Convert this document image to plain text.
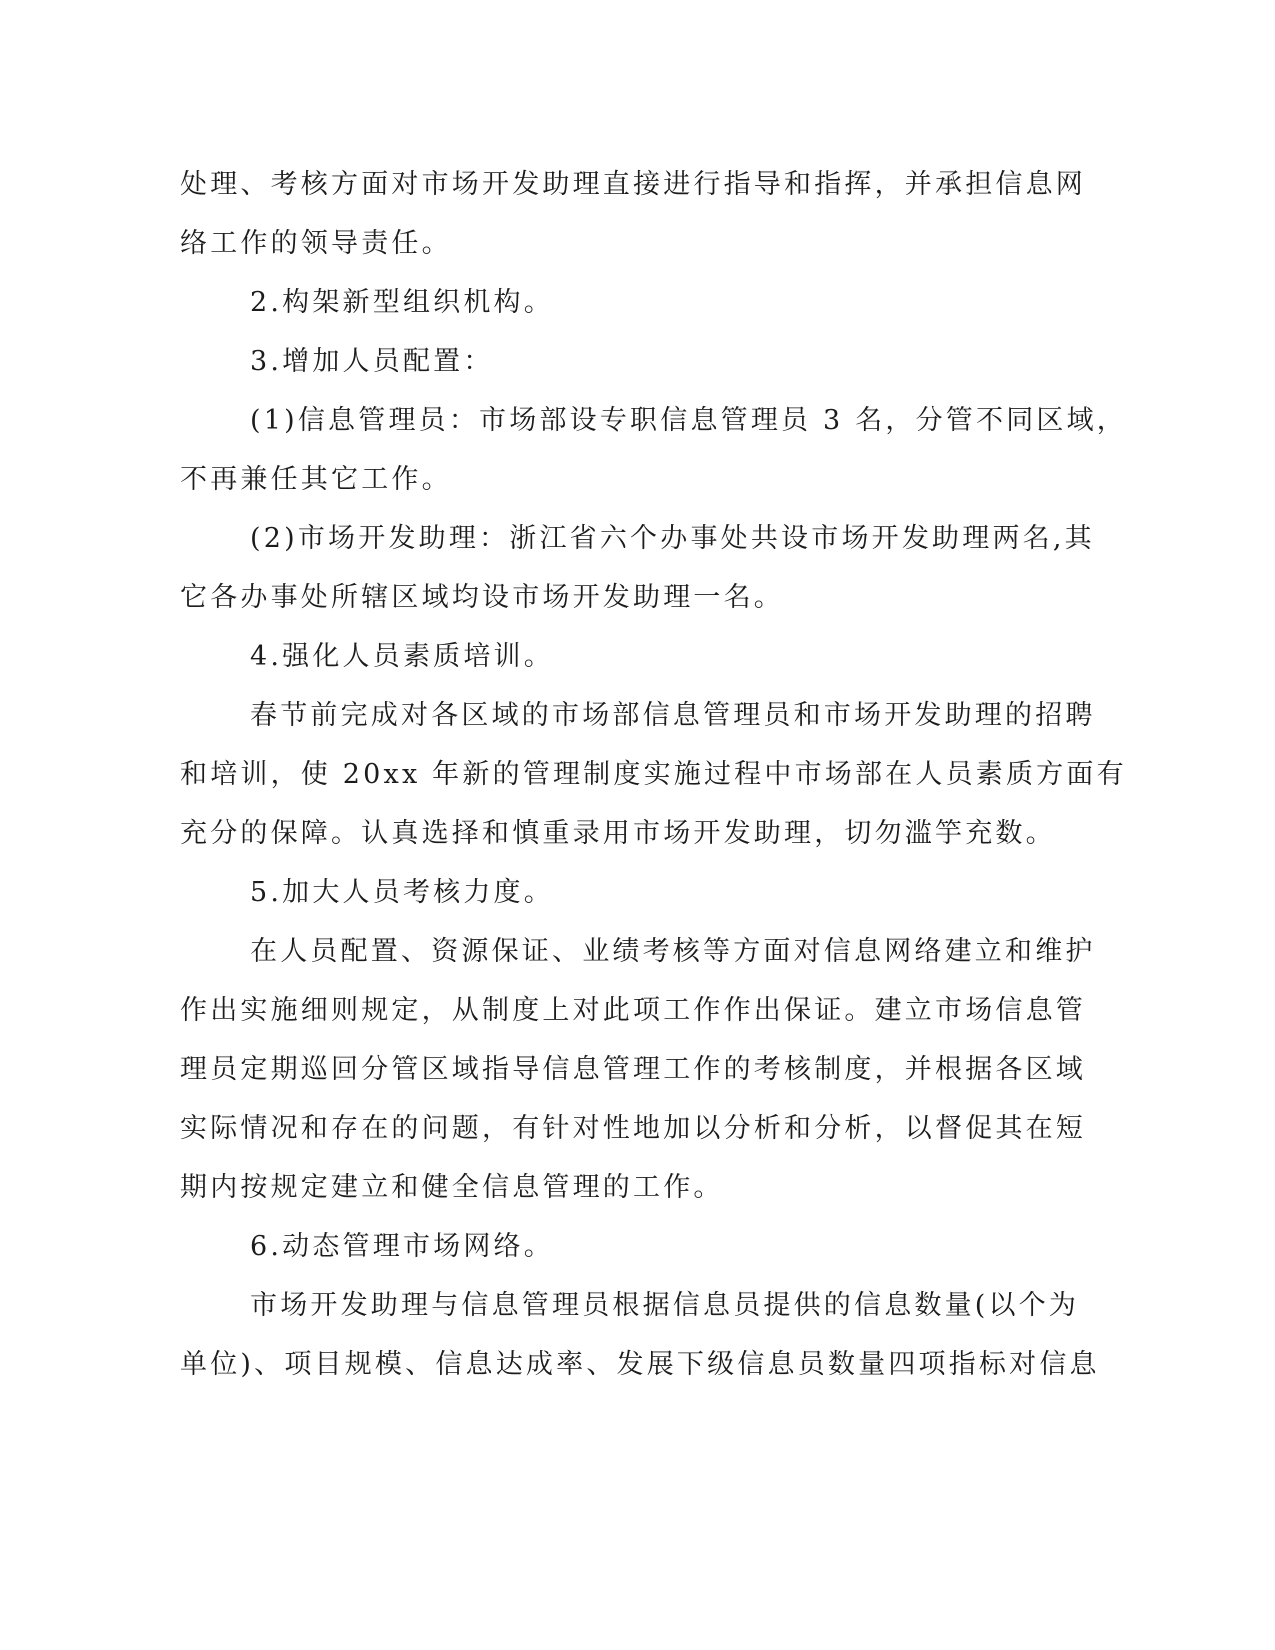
处理、考核方面对市场开发助理直接进行指导和指挥，并承担信息网

络工作的领导责任。

2.构架新型组织机构。

3.增加人员配置：

(1)信息管理员：市场部设专职信息管理员 3 名，分管不同区域，

不再兼任其它工作。

(2)市场开发助理：浙江省六个办事处共设市场开发助理两名,其

它各办事处所辖区域均设市场开发助理一名。

4.强化人员素质培训。

春节前完成对各区域的市场部信息管理员和市场开发助理的招聘

和培训，使 20xx 年新的管理制度实施过程中市场部在人员素质方面有

充分的保障。认真选择和慎重录用市场开发助理，切勿滥竽充数。

5.加大人员考核力度。

在人员配置、资源保证、业绩考核等方面对信息网络建立和维护

作出实施细则规定，从制度上对此项工作作出保证。建立市场信息管

理员定期巡回分管区域指导信息管理工作的考核制度，并根据各区域

实际情况和存在的问题，有针对性地加以分析和分析，以督促其在短

期内按规定建立和健全信息管理的工作。

6.动态管理市场网络。

市场开发助理与信息管理员根据信息员提供的信息数量(以个为

单位)、项目规模、信息达成率、发展下级信息员数量四项指标对信息
